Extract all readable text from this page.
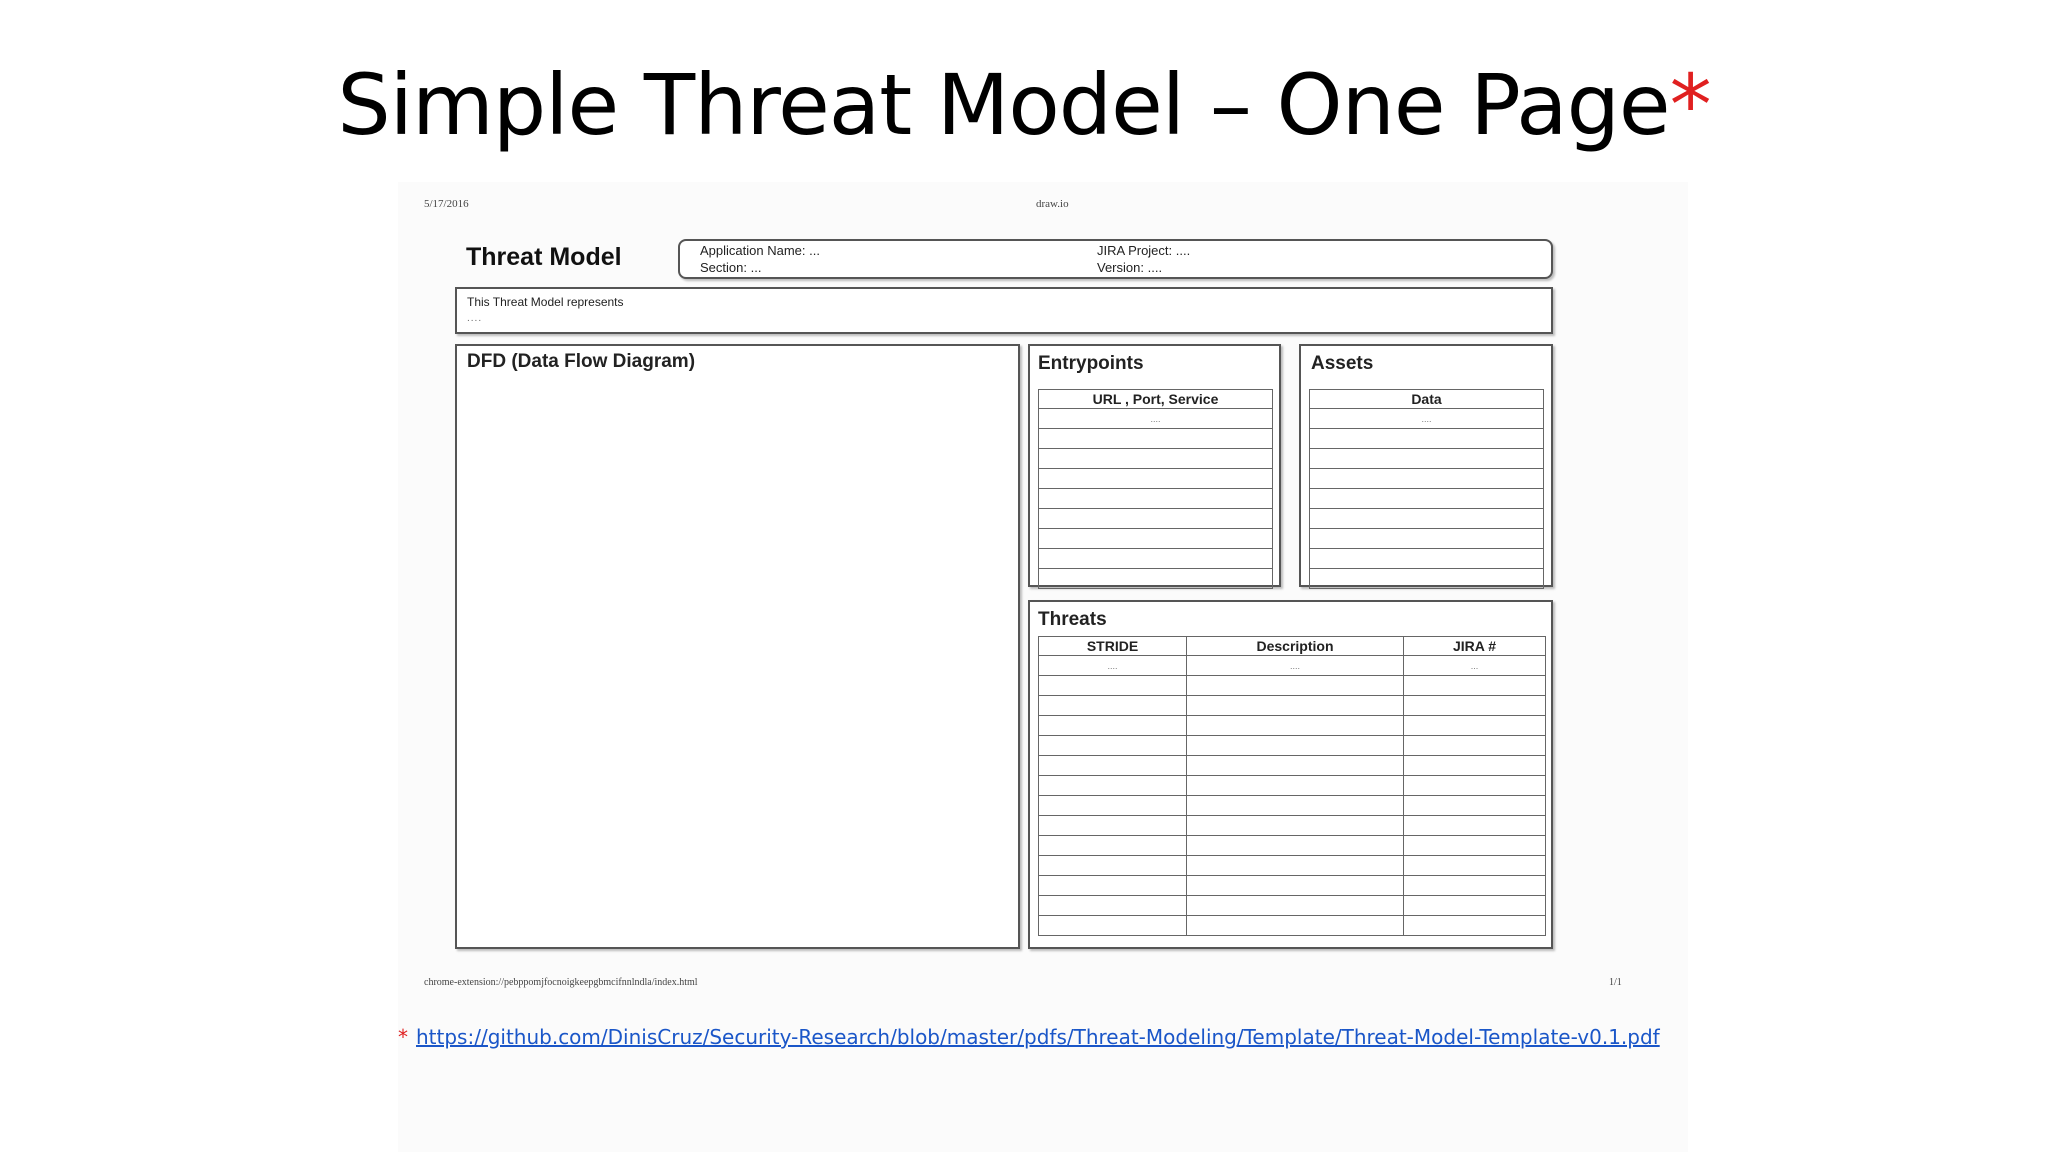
Simple Threat Model – One Page*
5/17/2016	draw.io
Threat Model	Application Name: ...
Section: ...
JIRA Project: ....
Version: ....
This Threat Model represents
....
DFD (Data Flow Diagram)	Entrypoints
URL , Port, Service
....

Assets
Data
....

Threats
STRIDE	Description	JIRA #
....	....	...

chrome-extension://pebppomjfocnoigkeepgbmcifnnlndla/index.html	1/1
* https://github.com/DinisCruz/Security-Research/blob/master/pdfs/Threat-Modeling/Template/Threat-Model-Template-v0.1.pdf
